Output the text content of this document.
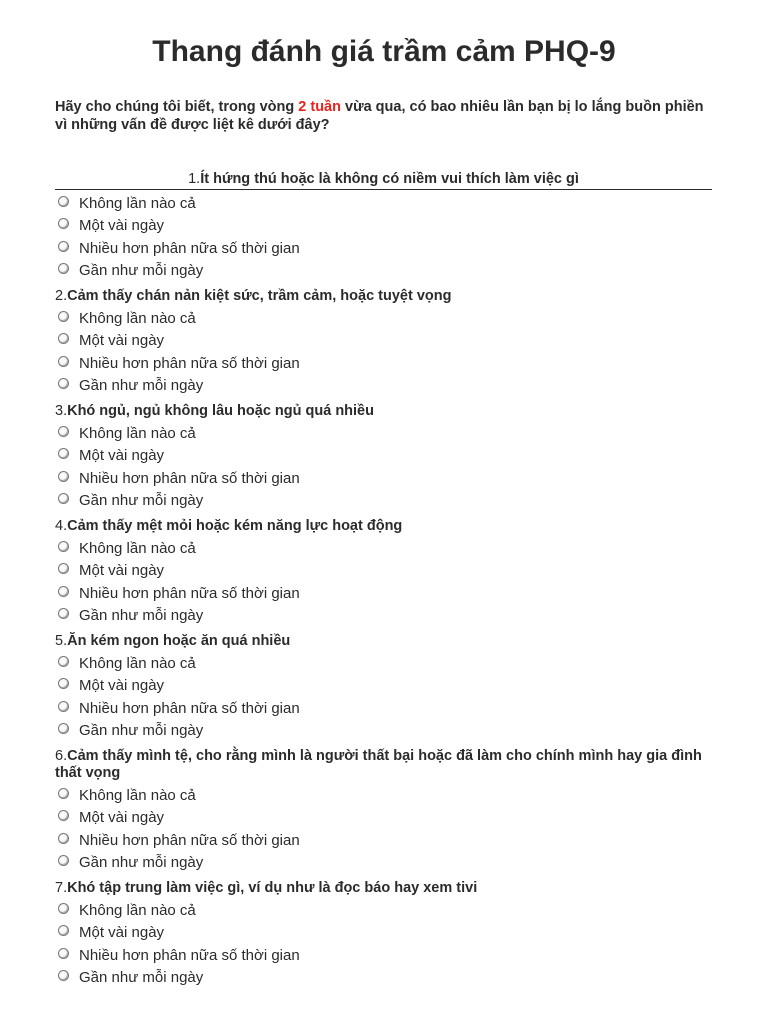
Thang đánh giá trầm cảm PHQ-9

Hãy cho chúng tôi biết, trong vòng 2 tuần vừa qua, có bao nhiêu lần bạn bị lo lắng buồn phiền vì những vấn đề được liệt kê dưới đây?

1.Ít hứng thú hoặc là không có niềm vui thích làm việc gì

Không lần nào cả
Một vài ngày
Nhiều hơn phân nữa số thời gian
Gần như mỗi ngày

2.Cảm thấy chán nản kiệt sức, trầm cảm, hoặc tuyệt vọng

Không lần nào cả
Một vài ngày
Nhiều hơn phân nữa số thời gian
Gần như mỗi ngày

3.Khó ngủ, ngủ không lâu hoặc ngủ quá nhiều

Không lần nào cả
Một vài ngày
Nhiều hơn phân nữa số thời gian
Gần như mỗi ngày

4.Cảm thấy mệt mỏi hoặc kém năng lực hoạt động

Không lần nào cả
Một vài ngày
Nhiều hơn phân nữa số thời gian
Gần như mỗi ngày

5.Ăn kém ngon hoặc ăn quá nhiều

Không lần nào cả
Một vài ngày
Nhiều hơn phân nữa số thời gian
Gần như mỗi ngày

6.Cảm thấy mình tệ, cho rằng mình là người thất bại hoặc đã làm cho chính mình hay gia đình thất vọng

Không lần nào cả
Một vài ngày
Nhiều hơn phân nữa số thời gian
Gần như mỗi ngày

7.Khó tập trung làm việc gì, ví dụ như là đọc báo hay xem tivi

Không lần nào cả
Một vài ngày
Nhiều hơn phân nữa số thời gian
Gần như mỗi ngày
